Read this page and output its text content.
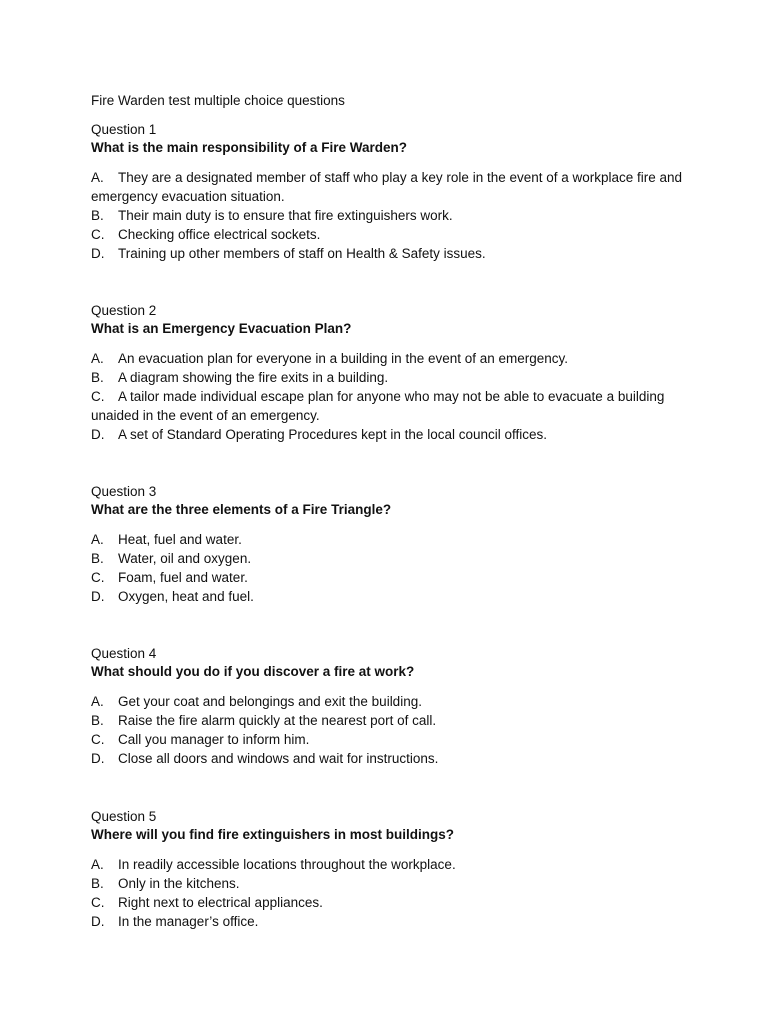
Fire Warden test multiple choice questions

Question 1

What is the main responsibility of a Fire Warden?

A. They are a designated member of staff who play a key role in the event of a workplace fire and emergency evacuation situation.
B. Their main duty is to ensure that fire extinguishers work.
C. Checking office electrical sockets.
D. Training up other members of staff on Health & Safety issues.

Question 2

What is an Emergency Evacuation Plan?

A. An evacuation plan for everyone in a building in the event of an emergency.
B. A diagram showing the fire exits in a building.
C. A tailor made individual escape plan for anyone who may not be able to evacuate a building unaided in the event of an emergency.
D. A set of Standard Operating Procedures kept in the local council offices.

Question 3

What are the three elements of a Fire Triangle?

A. Heat, fuel and water.
B. Water, oil and oxygen.
C. Foam, fuel and water.
D. Oxygen, heat and fuel.

Question 4

What should you do if you discover a fire at work?

A. Get your coat and belongings and exit the building.
B. Raise the fire alarm quickly at the nearest port of call.
C. Call you manager to inform him.
D. Close all doors and windows and wait for instructions.

Question 5

Where will you find fire extinguishers in most buildings?

A. In readily accessible locations throughout the workplace.
B. Only in the kitchens.
C. Right next to electrical appliances.
D. In the manager’s office.
